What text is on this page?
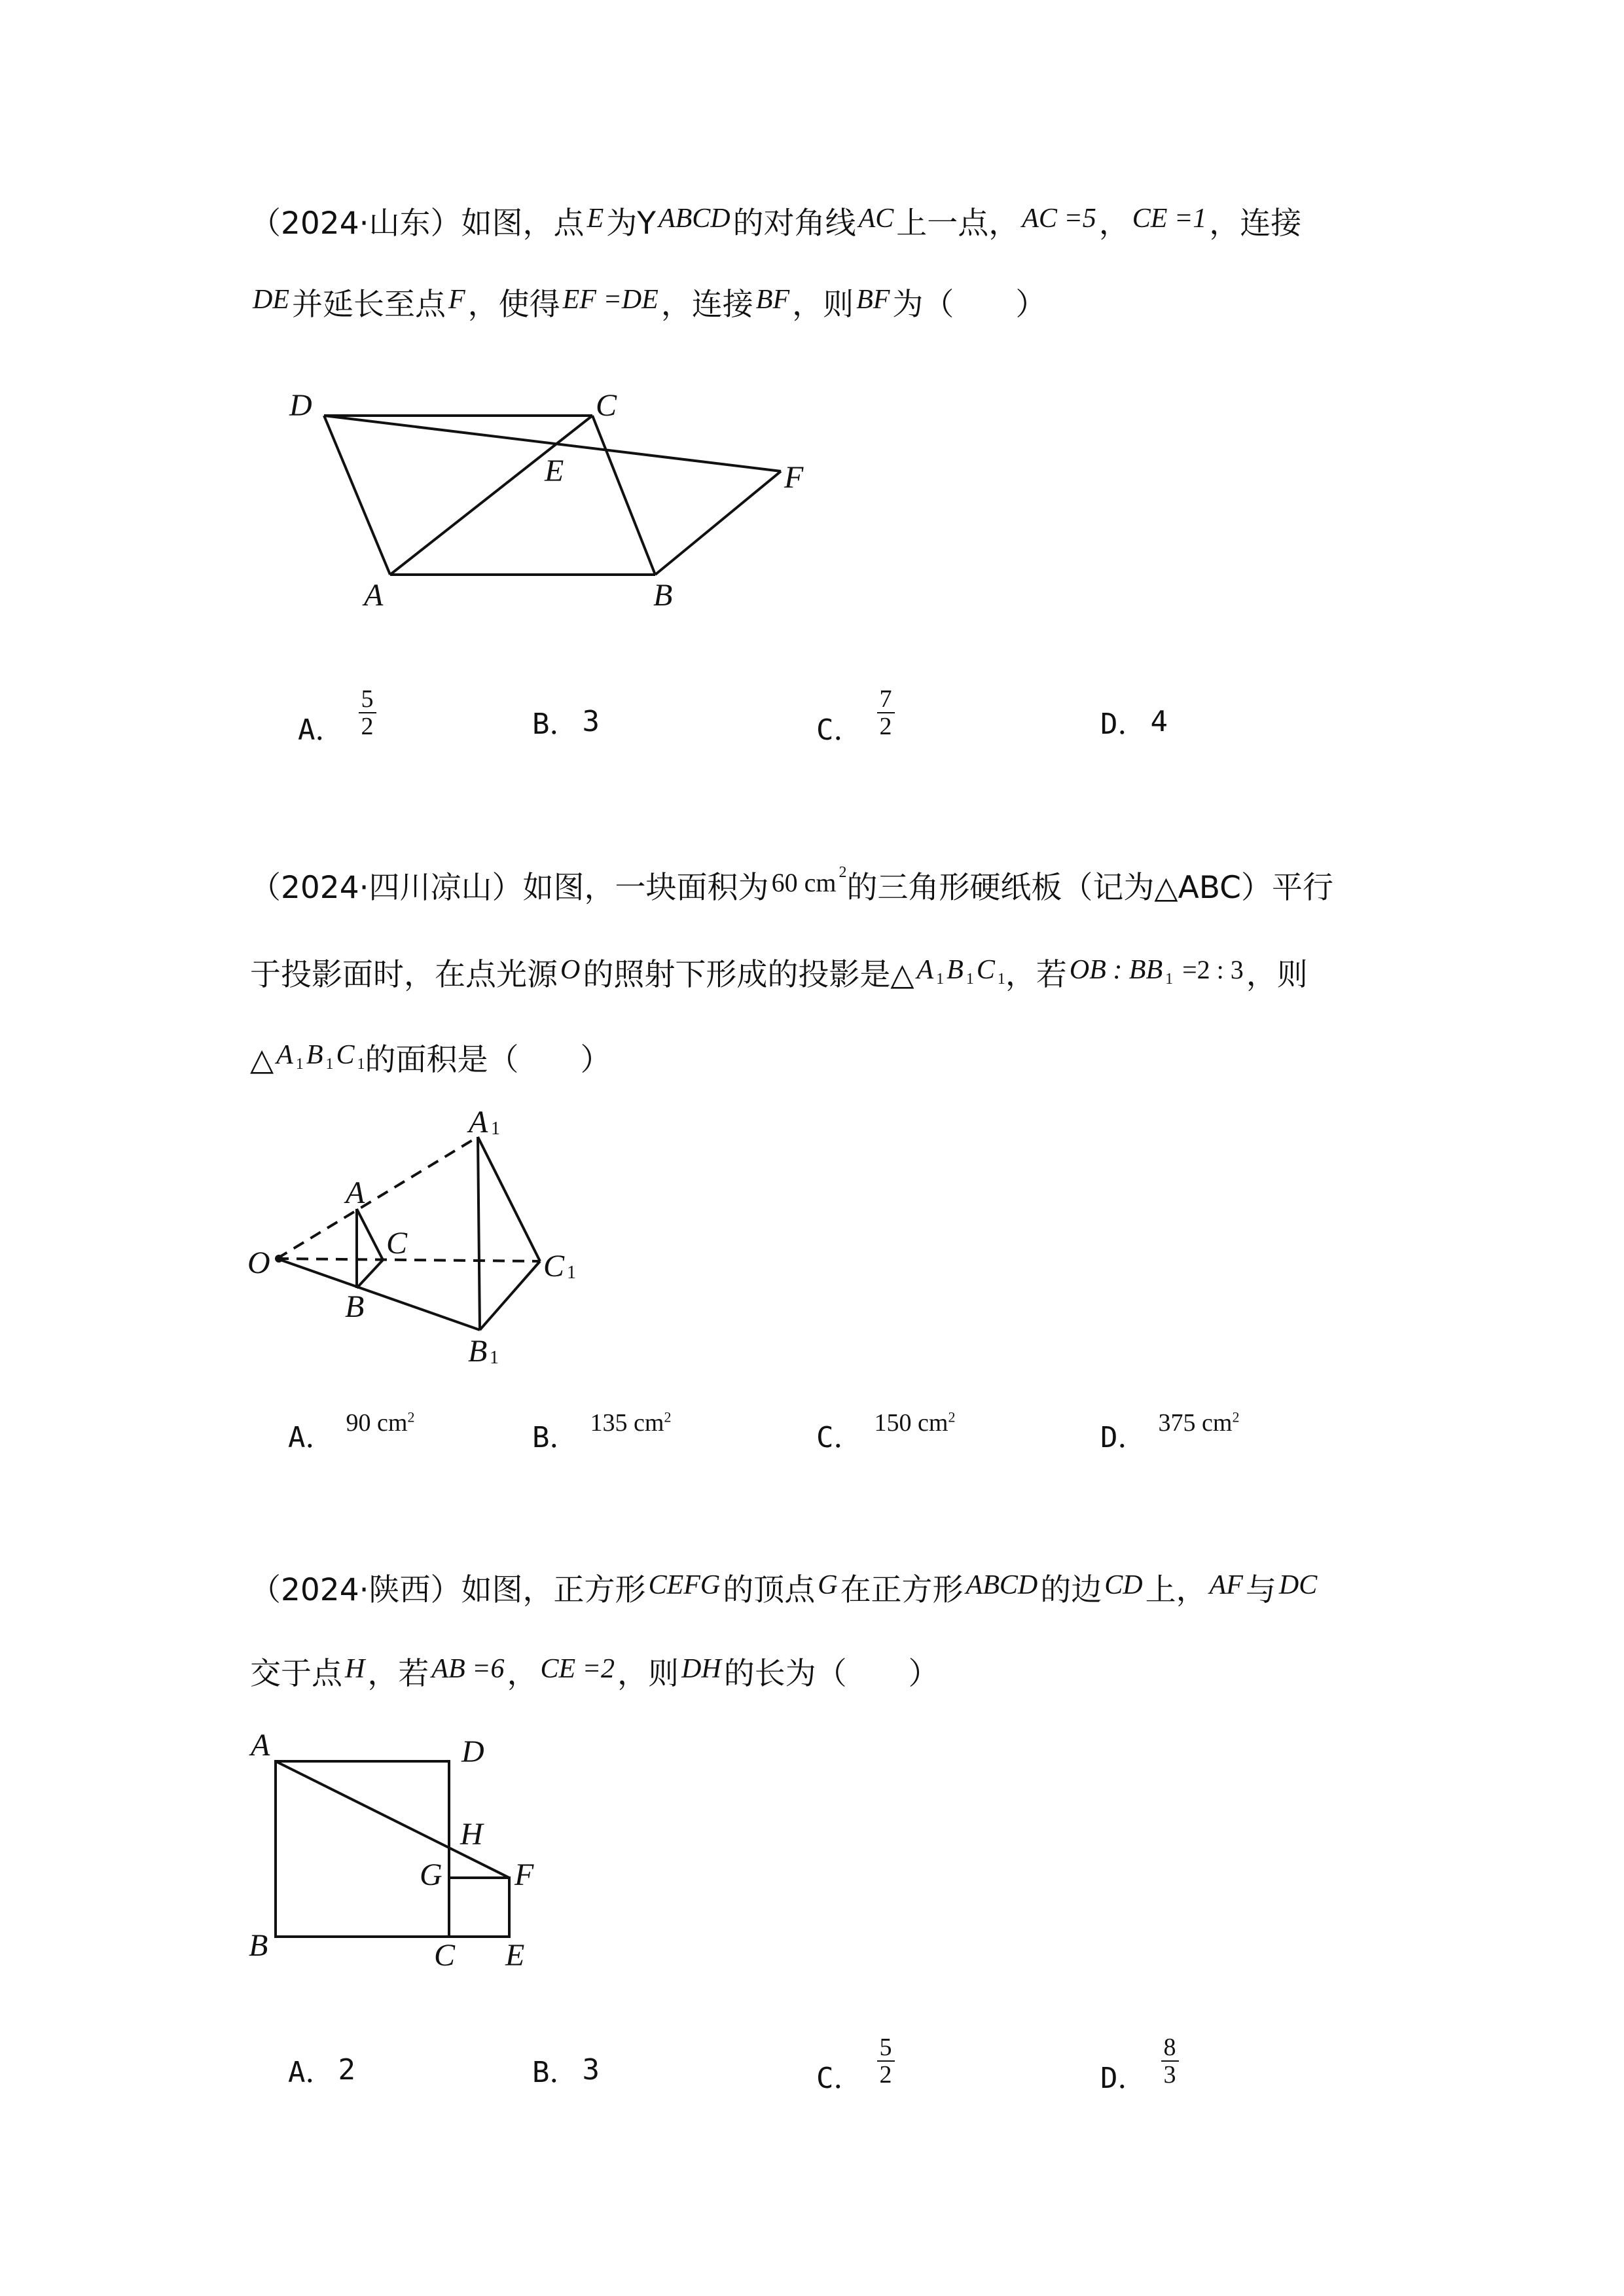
（2024·山东）如图，点E为YABCD的对角线AC上一点，AC =5，CE =1，连接
DE并延长至点F，使得EF =DE，连接BF，则BF为（　　）
D	C
E	F
A	B
A． $\frac{5}{2}$	B． 3	C． $\frac{7}{2}$	D． 4
（2024·四川凉山）如图，一块面积为 60 cm $^2$的三角形硬纸板（记为△ABC）平行
于投影面时，在点光源O的照射下形成的投影是△A 1B 1C 1，若OB : BB 1 =2 : 3，则
△A 1B 1C 1的面积是（　　）
O
A
C
B
A 1
C 1
B 1
A． 90 $cm^2$
B． 135 $cm^2$
C． 150 $cm^2$
D． 375 $cm^2$
（2024·陕西）如图，正方形CEFG的顶点G在正方形ABCD的边CD上，AF与DC
交于点H，若AB =6，CE =2，则DH的长为（　　）
A	D
H
G F
B	C E
A． 2	B． 3	C． $\frac{5}{2}$	D． $\frac{8}{3}$
